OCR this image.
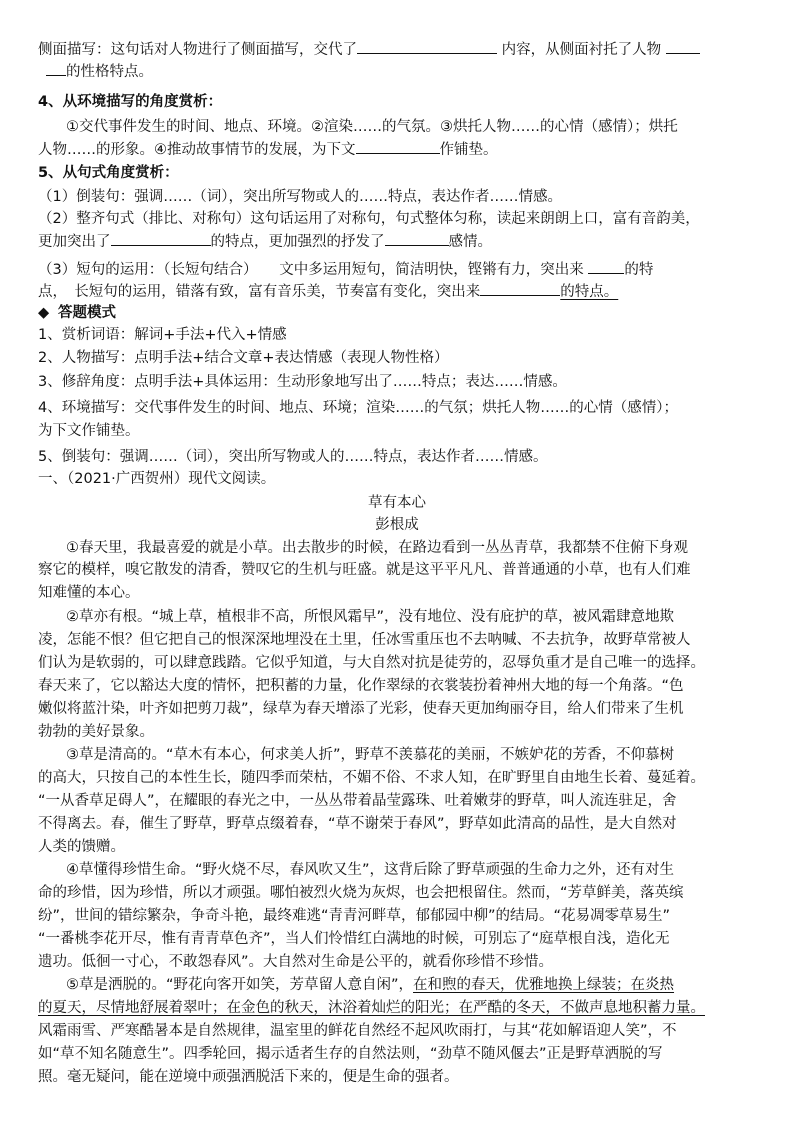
侧面描写：这句话对人物进行了侧面描写，交代了	内容，从侧面衬托了人物
的性格特点。
4、从环境描写的角度赏析：
①交代事件发生的时间、地点、环境。②渲染……的气氛。③烘托人物……的心情（感情）；烘托
人物……的形象。④推动故事情节的发展，为下文	作铺垫。
5、从句式角度赏析：
（1）倒装句：强调……（词），突出所写物或人的……特点，表达作者……情感。
（2）整齐句式（排比、对称句）这句话运用了对称句，句式整体匀称，读起来朗朗上口，富有音韵美，
更加突出了	的特点，更加强烈的抒发了	感情。
（3）短句的运用：（长短句结合）　　文中多运用短句，简洁明快，铿锵有力，突出来	的特
点，　长短句的运用，错落有致，富有音乐美，节奏富有变化，突出来	的特点。
◆ 答题模式
1、赏析词语：解词+手法+代入+情感
2、人物描写：点明手法+结合文章+表达情感（表现人物性格）
3、修辞角度：点明手法+具体运用：生动形象地写出了……特点；表达……情感。
4、环境描写：交代事件发生的时间、地点、环境；渲染……的气氛；烘托人物……的心情（感情）；
为下文作铺垫。
5、倒装句：强调……（词），突出所写物或人的……特点，表达作者……情感。
一、（2021·广西贺州）现代文阅读。
草有本心
彭根成
①春天里，我最喜爱的就是小草。出去散步的时候，在路边看到一丛丛青草，我都禁不住俯下身观
察它的模样，嗅它散发的清香，赞叹它的生机与旺盛。就是这平平凡凡、普普通通的小草，也有人们难
知难懂的本心。
②草亦有根。“城上草，植根非不高，所恨风霜早”，没有地位、没有庇护的草，被风霜肆意地欺
凌，怎能不恨？但它把自己的恨深深地埋没在土里，任冰雪重压也不去呐喊、不去抗争，故野草常被人
们认为是软弱的，可以肆意践踏。它似乎知道，与大自然对抗是徒劳的，忍辱负重才是自己唯一的选择。
春天来了，它以豁达大度的情怀，把积蓄的力量，化作翠绿的衣裳装扮着神州大地的每一个角落。“色
嫩似将蓝汁染，叶齐如把剪刀裁”，绿草为春天增添了光彩，使春天更加绚丽夺目，给人们带来了生机
勃勃的美好景象。
③草是清高的。“草木有本心，何求美人折”，野草不羡慕花的美丽，不嫉妒花的芳香，不仰慕树
的高大，只按自己的本性生长，随四季而荣枯，不媚不俗、不求人知，在旷野里自由地生长着、蔓延着。
“一从香草足碍人”，在耀眼的春光之中，一丛丛带着晶莹露珠、吐着嫩芽的野草，叫人流连驻足，舍
不得离去。春，催生了野草，野草点缀着春，“草不谢荣于春风”，野草如此清高的品性，是大自然对
人类的馈赠。
④草懂得珍惜生命。“野火烧不尽，春风吹又生”，这背后除了野草顽强的生命力之外，还有对生
命的珍惜，因为珍惜，所以才顽强。哪怕被烈火烧为灰烬，也会把根留住。然而，“芳草鲜美，落英缤
纷”，世间的错综繁杂，争奇斗艳，最终难逃“青青河畔草，郁郁园中柳”的结局。“花易凋零草易生”
“一番桃李花开尽，惟有青青草色齐”，当人们怜惜红白满地的时候，可别忘了“庭草根自浅，造化无
遗功。低徊一寸心，不敢怨春风”。大自然对生命是公平的，就看你珍惜不珍惜。
⑤草是洒脱的。“野花向客开如笑，芳草留人意自闲”，在和煦的春天，优雅地换上绿装；在炎热
的夏天，尽情地舒展着翠叶；在金色的秋天，沐浴着灿烂的阳光；在严酷的冬天，不做声息地积蓄力量。
风霜雨雪、严寒酷暑本是自然规律，温室里的鲜花自然经不起风吹雨打，与其“花如解语迎人笑”，不
如“草不知名随意生”。四季轮回，揭示适者生存的自然法则，“劲草不随风偃去”正是野草洒脱的写
照。毫无疑问，能在逆境中顽强洒脱活下来的，便是生命的强者。
